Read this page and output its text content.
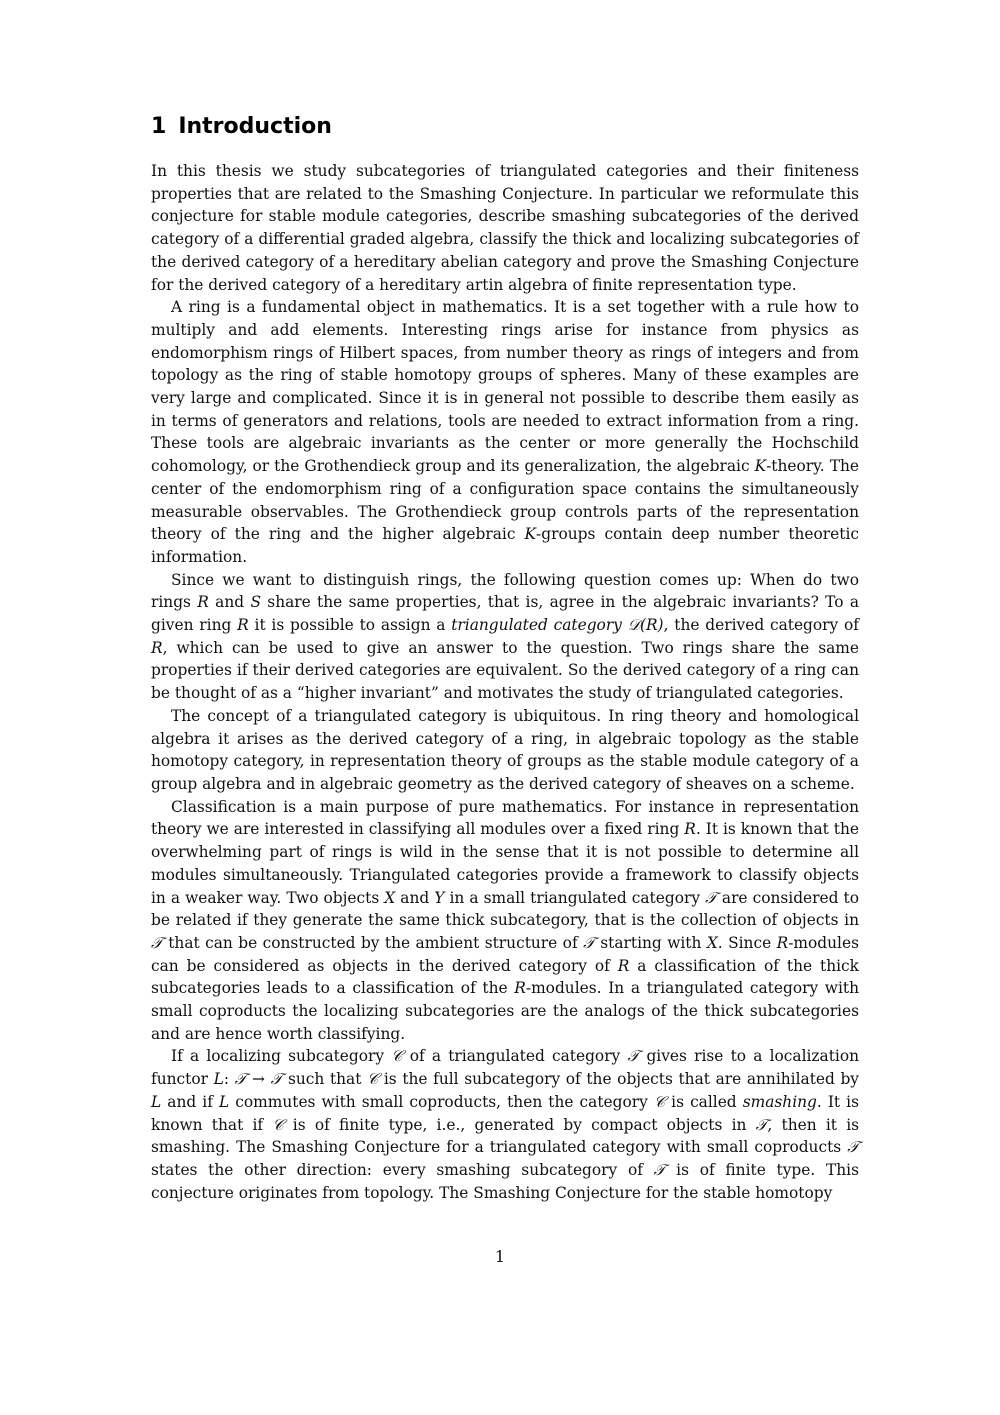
1 Introduction

In this thesis we study subcategories of triangulated categories and their finiteness properties that are related to the Smashing Conjecture. In particular we reformulate this conjecture for stable module categories, describe smashing subcategories of the derived category of a differential graded algebra, classify the thick and localizing subcategories of the derived category of a hereditary abelian category and prove the Smashing Conjecture for the derived category of a hereditary artin algebra of finite representation type.

A ring is a fundamental object in mathematics. It is a set together with a rule how to multiply and add elements. Interesting rings arise for instance from physics as endomorphism rings of Hilbert spaces, from number theory as rings of integers and from topology as the ring of stable homotopy groups of spheres. Many of these examples are very large and complicated. Since it is in general not possible to describe them easily as in terms of generators and relations, tools are needed to extract information from a ring. These tools are algebraic invariants as the center or more generally the Hochschild cohomology, or the Grothendieck group and its generalization, the algebraic K-theory. The center of the endomorphism ring of a configuration space contains the simultaneously measurable observables. The Grothendieck group controls parts of the representation theory of the ring and the higher algebraic K-groups contain deep number theoretic information.

Since we want to distinguish rings, the following question comes up: When do two rings R and S share the same properties, that is, agree in the algebraic invariants? To a given ring R it is possible to assign a triangulated category 𝒟(R), the derived category of R, which can be used to give an answer to the question. Two rings share the same properties if their derived categories are equivalent. So the derived category of a ring can be thought of as a “higher invariant” and motivates the study of triangulated categories.

The concept of a triangulated category is ubiquitous. In ring theory and homological algebra it arises as the derived category of a ring, in algebraic topology as the stable homotopy category, in representation theory of groups as the stable module category of a group algebra and in algebraic geometry as the derived category of sheaves on a scheme.

Classification is a main purpose of pure mathematics. For instance in representation theory we are interested in classifying all modules over a fixed ring R. It is known that the overwhelming part of rings is wild in the sense that it is not possible to determine all modules simultaneously. Triangulated categories provide a framework to classify objects in a weaker way. Two objects X and Y in a small triangulated category 𝒯 are considered to be related if they generate the same thick subcategory, that is the collection of objects in 𝒯 that can be constructed by the ambient structure of 𝒯 starting with X. Since R-modules can be considered as objects in the derived category of R a classification of the thick subcategories leads to a classification of the R-modules. In a triangulated category with small coproducts the localizing subcategories are the analogs of the thick subcategories and are hence worth classifying.

If a localizing subcategory 𝒞 of a triangulated category 𝒯 gives rise to a localization functor L: 𝒯 → 𝒯 such that 𝒞 is the full subcategory of the objects that are annihilated by L and if L commutes with small coproducts, then the category 𝒞 is called smashing. It is known that if 𝒞 is of finite type, i.e., generated by compact objects in 𝒯, then it is smashing. The Smashing Conjecture for a triangulated category with small coproducts 𝒯 states the other direction: every smashing subcategory of 𝒯 is of finite type. This conjecture originates from topology. The Smashing Conjecture for the stable homotopy

1
